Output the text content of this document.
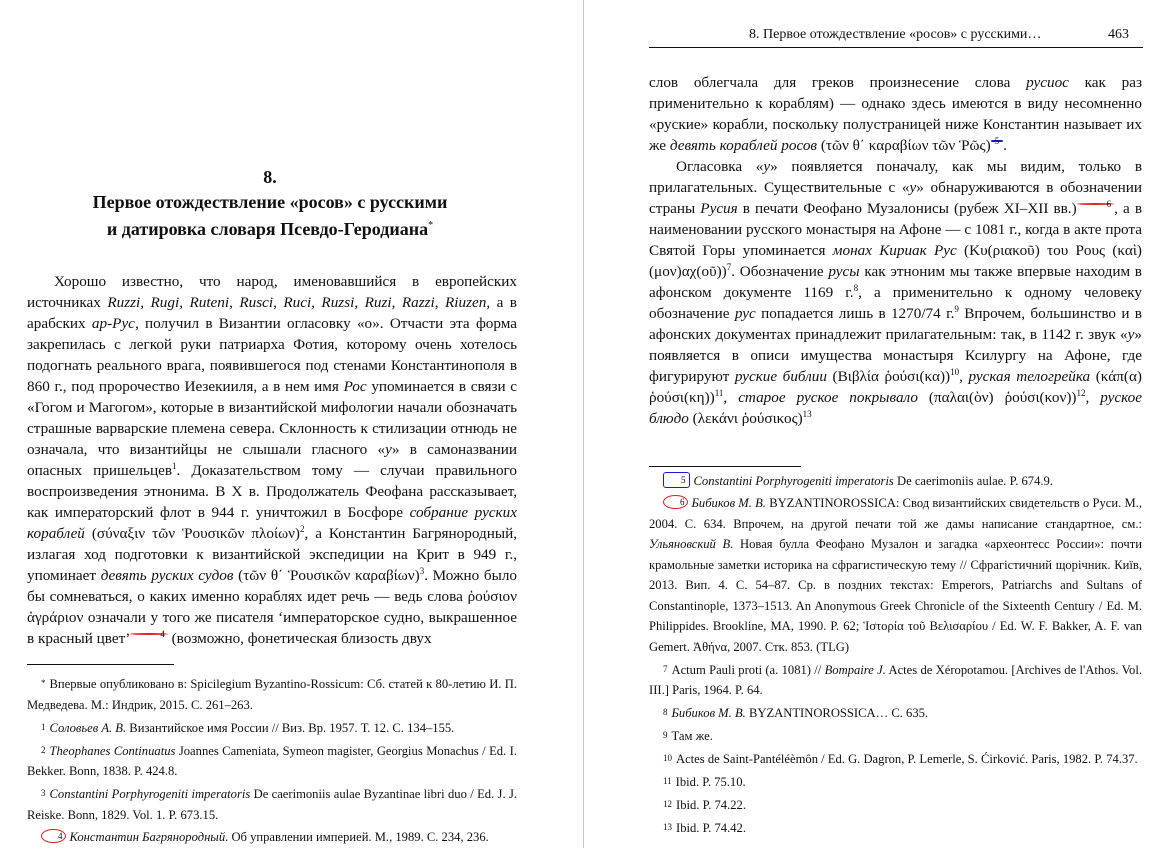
8.
Первое отождествление «росов» с русскими
и датировка словаря Псевдо-Геродиана*

Хорошо известно, что народ, именовавшийся в европейских источниках Ruzzi, Rugi, Ruteni, Rusci, Ruci, Ruzsi, Ruzi, Razzi, Riuzen, а в арабских ар-Рус, получил в Византии огласовку «о». Отчасти эта форма закрепилась с легкой руки патриарха Фотия, которому очень хотелось подогнать реального врага, появившегося под стенами Константинополя в 860 г., под пророчество Иезекииля, а в нем имя Рос упоминается в связи с «Гогом и Магогом», которые в византийской мифологии начали обозначать страшные варварские племена севера. Склонность к стилизации отнюдь не означала, что византийцы не слышали гласного «у» в самоназвании опасных пришельцев$^1$. Доказательством тому — случаи правильного воспроизведения этнонима. В X в. Продолжатель Феофана рассказывает, как императорский флот в 944 г. уничтожил в Босфоре собрание руских кораблей (σύναξιν τῶν Ῥουσικῶν πλοίων)$^2$, а Константин Багрянородный, излагая ход подготовки к византийской экспедиции на Крит в 949 г., упоминает девять руских судов (τῶν θ΄ Ῥουσικῶν καραβίων)$^3$. Можно было бы сомневаться, о каких именно кораблях идет речь — ведь слова ῥούσιον ἀγράριον означали у того же писателя ‘императорское судно, выкрашенное в красный цвет’	$^4$ (возможно, фонетическая близость двух

* Впервые опубликовано в: Spicilegium Byzantino-Rossicum: Сб. статей к 80-летию И. П. Медведева. М.: Индрик, 2015. С. 261–263.

1 Соловьев А. В. Византийское имя России // Виз. Вр. 1957. Т. 12. С. 134–155.

2 Theophanes Continuatus Joannes Cameniata, Symeon magister, Georgius Monachus / Ed. I. Bekker. Bonn, 1838. P. 424.8.

3 Constantini Porphyrogeniti imperatoris De caerimoniis aulae Byzantinae libri duo / Ed. J. J. Reiske. Bonn, 1829. Vol. 1. P. 673.15.

4 Константин Багрянородный. Об управлении империей. М., 1989. С. 234, 236.

8. Первое отождествление «росов» с русскими…	463

слов облегчала для греков произнесение слова русиос как раз применительно к кораблям) — однако здесь имеются в виду несомненно «руские» корабли, поскольку полустраницей ниже Константин называет их же девять кораблей росов (τῶν θ΄ καραβίων τῶν Ῥῶς) $^5$ .

Огласовка «у» появляется поначалу, как мы видим, только в прилагательных. Существительные с «у» обнаруживаются в обозначении страны Русия в печати Феофано Музалонисы (рубеж XI–XII вв.)	$^6$ , а в наименовании русского монастыря на Афоне — с 1081 г., когда в акте прота Святой Горы упоминается монах Кириак Рус (Κυ(ριακοῦ) του Ρους (καὶ) (μον)αχ(οῦ))$^7$. Обозначение русы как этноним мы также впервые находим в афонском документе 1169 г.$^8$, а применительно к одному человеку обозначение рус попадается лишь в 1270/74 г.$^9$ Впрочем, большинство и в афонских документах принадлежит прилагательным: так, в 1142 г. звук «у» появляется в описи имущества монастыря Ксилургу на Афоне, где фигурируют руские библии (Βιβλία ῥούσι(κα))$^{10}$, руская телогрейка (κάπ(α) ῥούσι(κη))$^{11}$, старое руское покрывало (παλαι(ὸν) ῥούσι(κον))$^{12}$, руское блюдо (λεκάνι ῥούσικος)$^{13}$

5 Constantini Porphyrogeniti imperatoris De caerimoniis aulae. P. 674.9.

6 Бибиков М. В. BYZANTINOROSSICA: Свод византийских свидетельств о Руси. М., 2004. С. 634. Впрочем, на другой печати той же дамы написание стандартное, см.: Ульяновский В. Новая булла Феофано Музалон и загадка «археонтесс России»: почти крамольные заметки историка на сфрагистическую тему // Сфрагістичний щорічник. Київ, 2013. Вип. 4. С. 54–87. Ср. в поздних текстах: Emperors, Patriarchs and Sultans of Constantinople, 1373–1513. An Anonymous Greek Chronicle of the Sixteenth Century / Ed. M. Philippides. Brookline, MA, 1990. P. 62; Ἱστορία τοῦ Βελισαρίου / Ed. W. F. Bakker, A. F. van Gemert. Ἀθήνα, 2007. Стк. 853. (TLG)

7 Actum Pauli proti (a. 1081) // Bompaire J. Actes de Xéropotamou. [Archives de l'Athos. Vol. III.] Paris, 1964. P. 64.

8 Бибиков М. В. BYZANTINOROSSICA… С. 635.

9 Там же.

10 Actes de Saint-Pantéléèmôn / Ed. G. Dagron, P. Lemerle, S. Ćirković. Paris, 1982. P. 74.37.

11 Ibid. P. 75.10.

12 Ibid. P. 74.22.

13 Ibid. P. 74.42.
